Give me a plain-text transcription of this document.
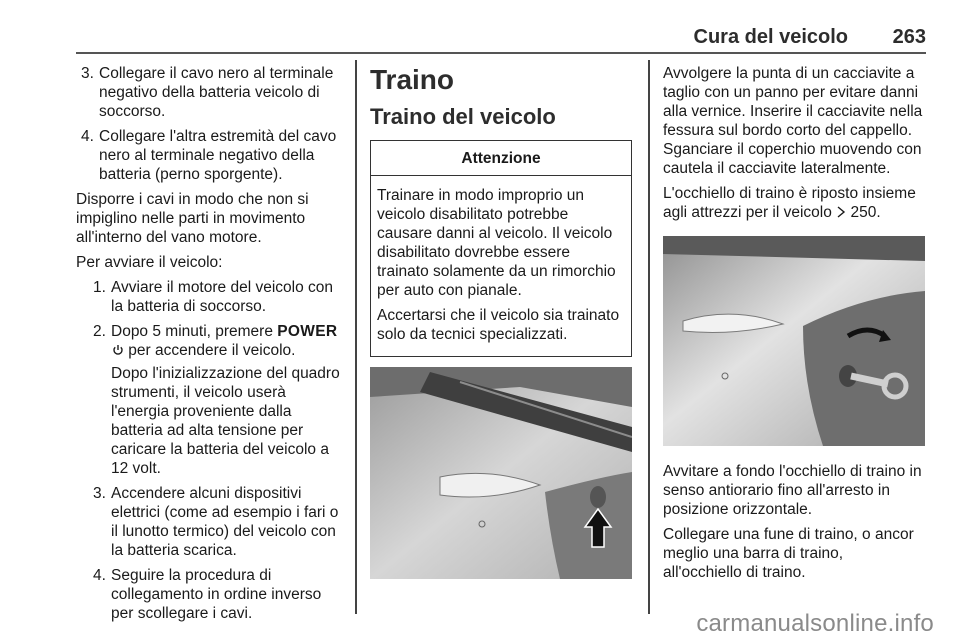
Cura del veicolo 263
3. Collegare il cavo nero al terminale negativo della batteria veicolo di soccorso.
4. Collegare l'altra estremità del cavo nero al terminale negativo della batteria (perno sporgente).

Disporre i cavi in modo che non si impiglino nelle parti in movimento all'interno del vano motore.

Per avviare il veicolo:

1. Avviare il motore del veicolo con la batteria di soccorso.
2. Dopo 5 minuti, premere POWER per accendere il veicolo.

Dopo l'inizializzazione del quadro strumenti, il veicolo userà l'energia proveniente dalla batteria ad alta tensione per caricare la batteria del veicolo a 12 volt.

3. Accendere alcuni dispositivi elettrici (come ad esempio i fari o il lunotto termico) del veicolo con la batteria scarica.
4. Seguire la procedura di collegamento in ordine inverso per scollegare i cavi.
Traino
Traino del veicolo
Attenzione

Trainare in modo improprio un veicolo disabilitato potrebbe causare danni al veicolo. Il veicolo disabilitato dovrebbe essere trainato solamente da un rimorchio per auto con pianale.

Accertarsi che il veicolo sia trainato solo da tecnici specializzati.

Avvolgere la punta di un cacciavite a taglio con un panno per evitare danni alla vernice. Inserire il cacciavite nella fessura sul bordo corto del cappello. Sganciare il coperchio muovendo con cautela il cacciavite lateralmente.

L'occhiello di traino è riposto insieme agli attrezzi per il veicolo  250.

Avvitare a fondo l'occhiello di traino in senso antiorario fino all'arresto in posizione orizzontale.

Collegare una fune di traino, o ancor meglio una barra di traino, all'occhiello di traino.

carmanualsonline.info
